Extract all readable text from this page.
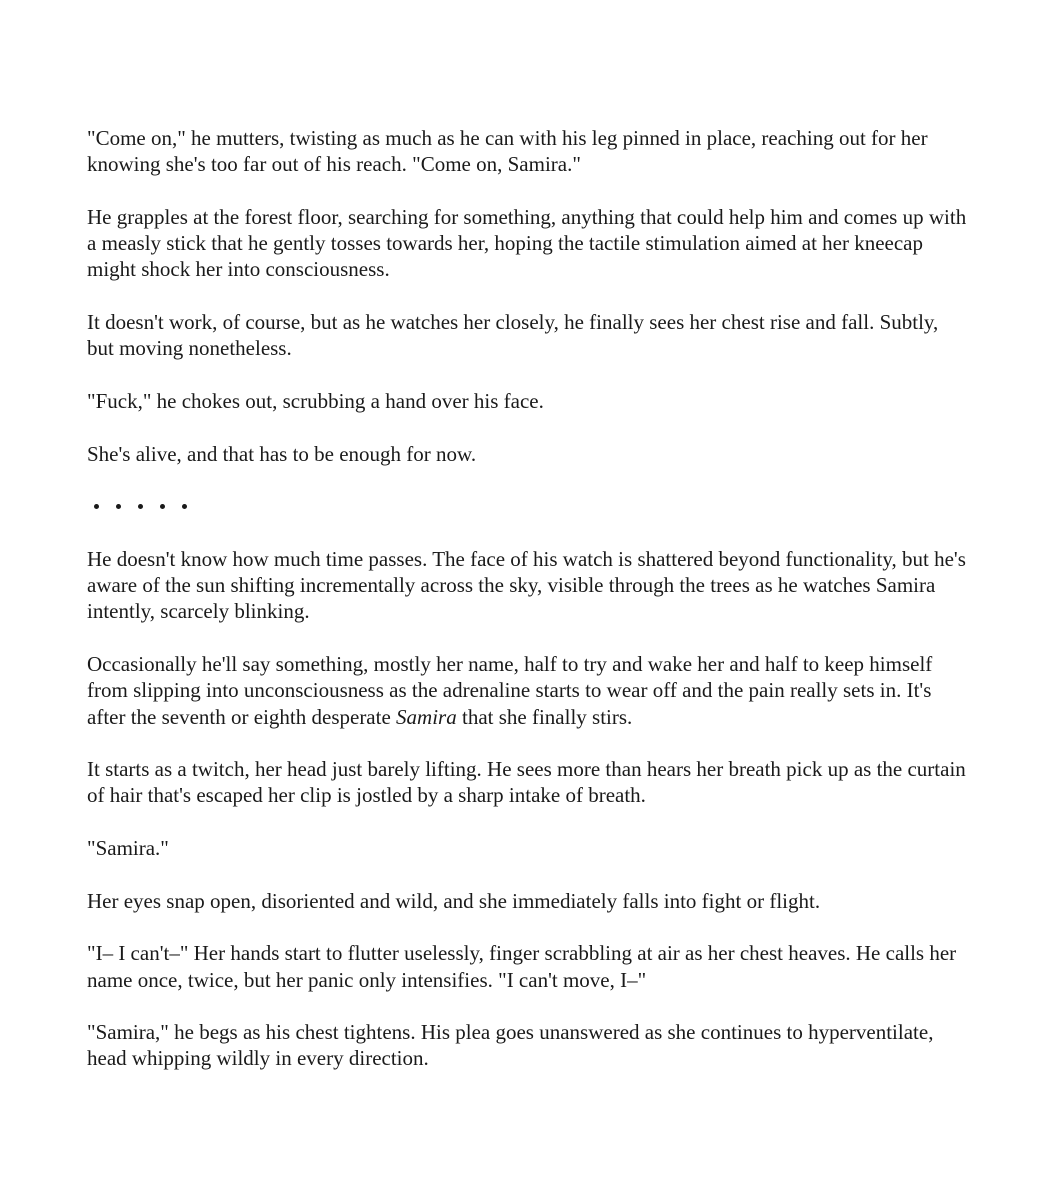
"Come on," he mutters, twisting as much as he can with his leg pinned in place, reaching out for her knowing she's too far out of his reach. "Come on, Samira."

He grapples at the forest floor, searching for something, anything that could help him and comes up with a measly stick that he gently tosses towards her, hoping the tactile stimulation aimed at her kneecap might shock her into consciousness.

It doesn't work, of course, but as he watches her closely, he finally sees her chest rise and fall. Subtly, but moving nonetheless.

"Fuck," he chokes out, scrubbing a hand over his face.

She's alive, and that has to be enough for now.

He doesn't know how much time passes. The face of his watch is shattered beyond functionality, but he's aware of the sun shifting incrementally across the sky, visible through the trees as he watches Samira intently, scarcely blinking.

Occasionally he'll say something, mostly her name, half to try and wake her and half to keep himself from slipping into unconsciousness as the adrenaline starts to wear off and the pain really sets in. It's after the seventh or eighth desperate Samira that she finally stirs.

It starts as a twitch, her head just barely lifting. He sees more than hears her breath pick up as the curtain of hair that's escaped her clip is jostled by a sharp intake of breath.

"Samira."

Her eyes snap open, disoriented and wild, and she immediately falls into fight or flight.

"I– I can't–" Her hands start to flutter uselessly, finger scrabbling at air as her chest heaves. He calls her name once, twice, but her panic only intensifies. "I can't move, I–"

"Samira," he begs as his chest tightens. His plea goes unanswered as she continues to hyperventilate, head whipping wildly in every direction.
